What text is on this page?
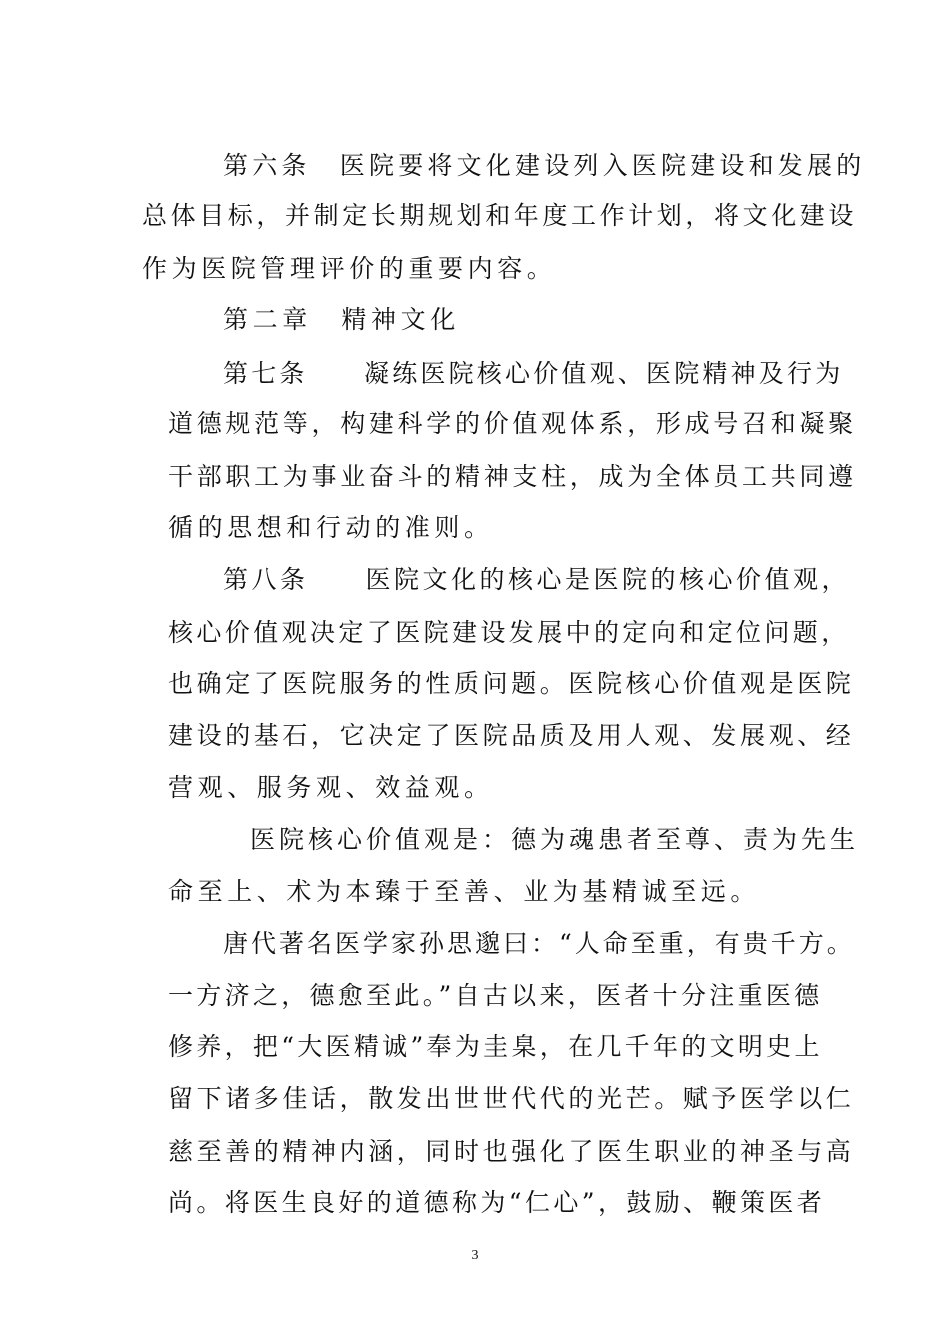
第六条　医院要将文化建设列入医院建设和发展的
总体目标，并制定长期规划和年度工作计划，将文化建设
作为医院管理评价的重要内容。
第二章　精神文化
第七条　　凝练医院核心价值观、医院精神及行为
道德规范等，构建科学的价值观体系，形成号召和凝聚
干部职工为事业奋斗的精神支柱，成为全体员工共同遵
循的思想和行动的准则。
第八条　　医院文化的核心是医院的核心价值观，
核心价值观决定了医院建设发展中的定向和定位问题，
也确定了医院服务的性质问题。医院核心价值观是医院
建设的基石，它决定了医院品质及用人观、发展观、经
营观、服务观、效益观。
医院核心价值观是：德为魂患者至尊、责为先生
命至上、术为本臻于至善、业为基精诚至远。
唐代著名医学家孙思邈曰：“人命至重，有贵千方。
一方济之，德愈至此。”自古以来，医者十分注重医德
修养，把“大医精诚”奉为圭臬，在几千年的文明史上
留下诸多佳话，散发出世世代代的光芒。赋予医学以仁
慈至善的精神内涵，同时也强化了医生职业的神圣与高
尚。将医生良好的道德称为“仁心”，鼓励、鞭策医者
3
